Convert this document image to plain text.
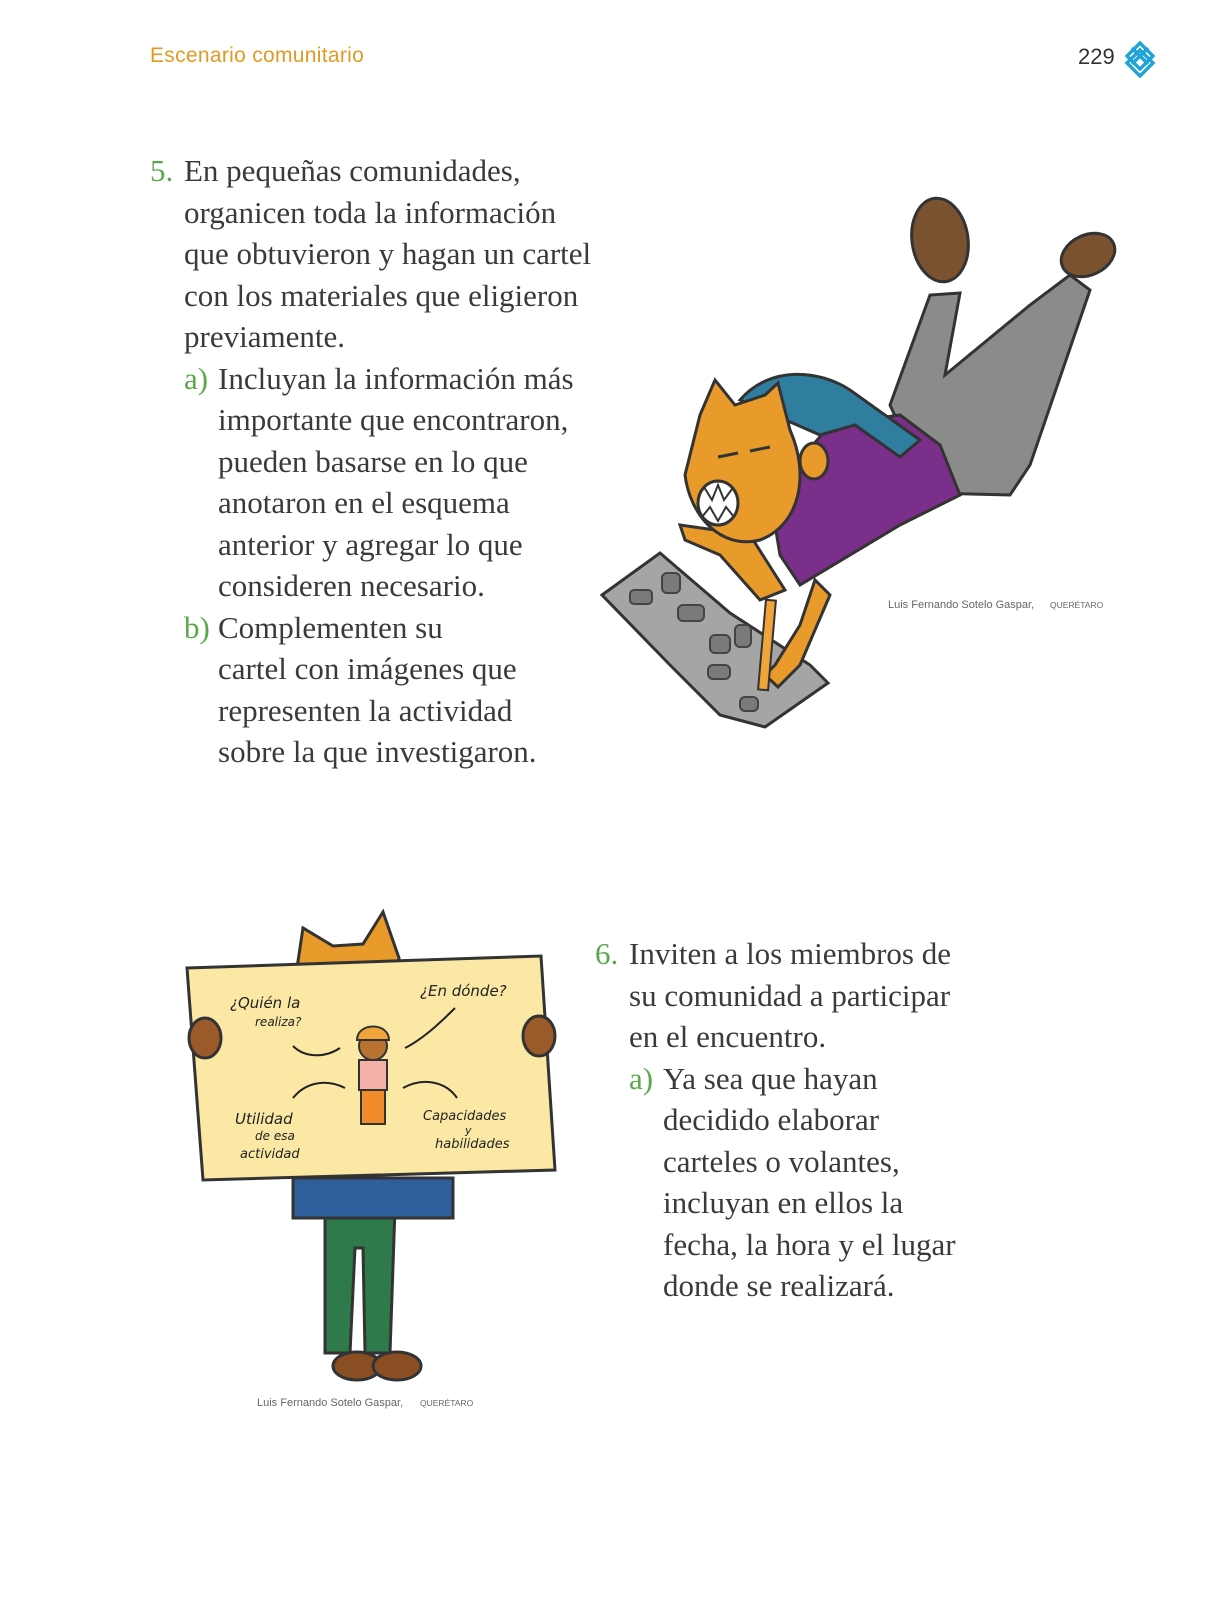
Escenario comunitario	229
5. En pequeñas comunidades,
organicen toda la información
que obtuvieron y hagan un cartel
con los materiales que eligieron
previamente.
a) Incluyan la información más
importante que encontraron,
pueden basarse en lo que
anotaron en el esquema
anterior y agregar lo que
consideren necesario.
b) Complementen su
cartel con imágenes que
representen la actividad
sobre la que investigaron.
Luis Fernando Sotelo Gaspar, QUERÉTARO
¿Quién la
realiza?
¿En dónde?
Utilidad
de esa
actividad
Capacidades
y
habilidades
Luis Fernando Sotelo Gaspar, QUERÉTARO
6. Inviten a los miembros de
su comunidad a participar
en el encuentro.
a) Ya sea que hayan
decidido elaborar
carteles o volantes,
incluyan en ellos la
fecha, la hora y el lugar
donde se realizará.
